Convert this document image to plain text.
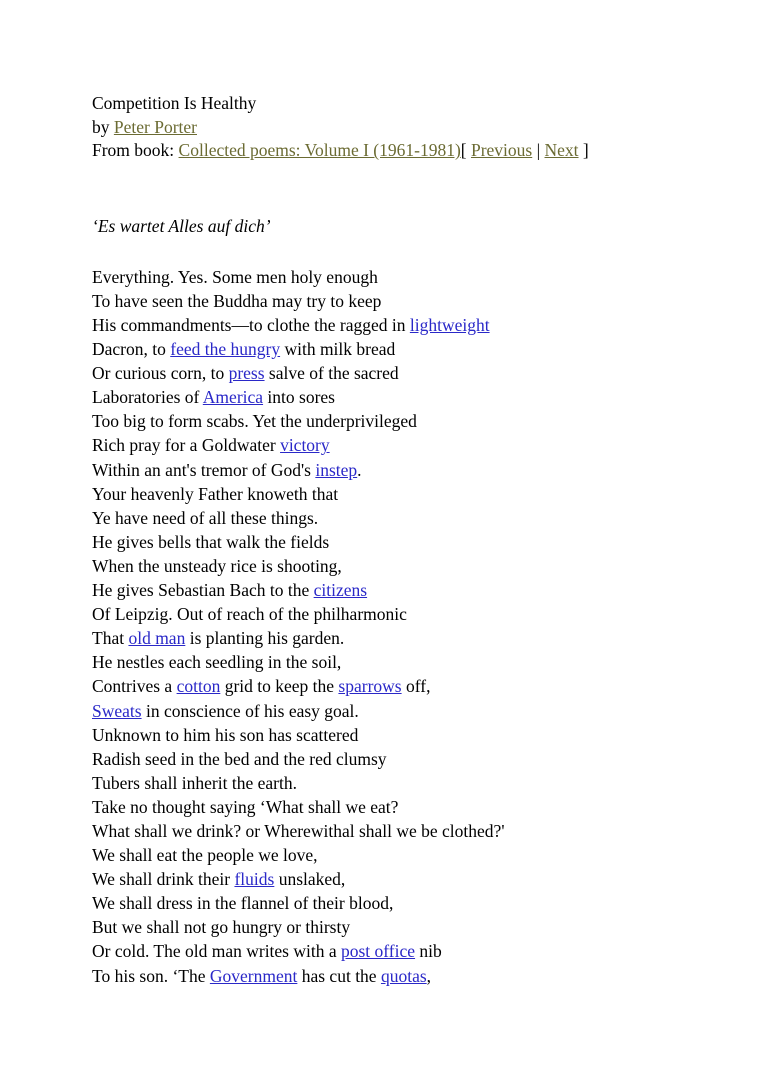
Competition Is Healthy
by Peter Porter
From book: Collected poems: Volume I (1961-1981)[ Previous | Next ]
‘Es wartet Alles auf dich’
Everything. Yes. Some men holy enough
To have seen the Buddha may try to keep
His commandments—to clothe the ragged in lightweight
Dacron, to feed the hungry with milk bread
Or curious corn, to press salve of the sacred
Laboratories of America into sores
Too big to form scabs. Yet the underprivileged
Rich pray for a Goldwater victory
Within an ant's tremor of God's instep.
Your heavenly Father knoweth that
Ye have need of all these things.
He gives bells that walk the fields
When the unsteady rice is shooting,
He gives Sebastian Bach to the citizens
Of Leipzig. Out of reach of the philharmonic
That old man is planting his garden.
He nestles each seedling in the soil,
Contrives a cotton grid to keep the sparrows off,
Sweats in conscience of his easy goal.
Unknown to him his son has scattered
Radish seed in the bed and the red clumsy
Tubers shall inherit the earth.
Take no thought saying ‘What shall we eat?
What shall we drink? or Wherewithal shall we be clothed?'
We shall eat the people we love,
We shall drink their fluids unslaked,
We shall dress in the flannel of their blood,
But we shall not go hungry or thirsty
Or cold. The old man writes with a post office nib
To his son. ‘The Government has cut the quotas,
